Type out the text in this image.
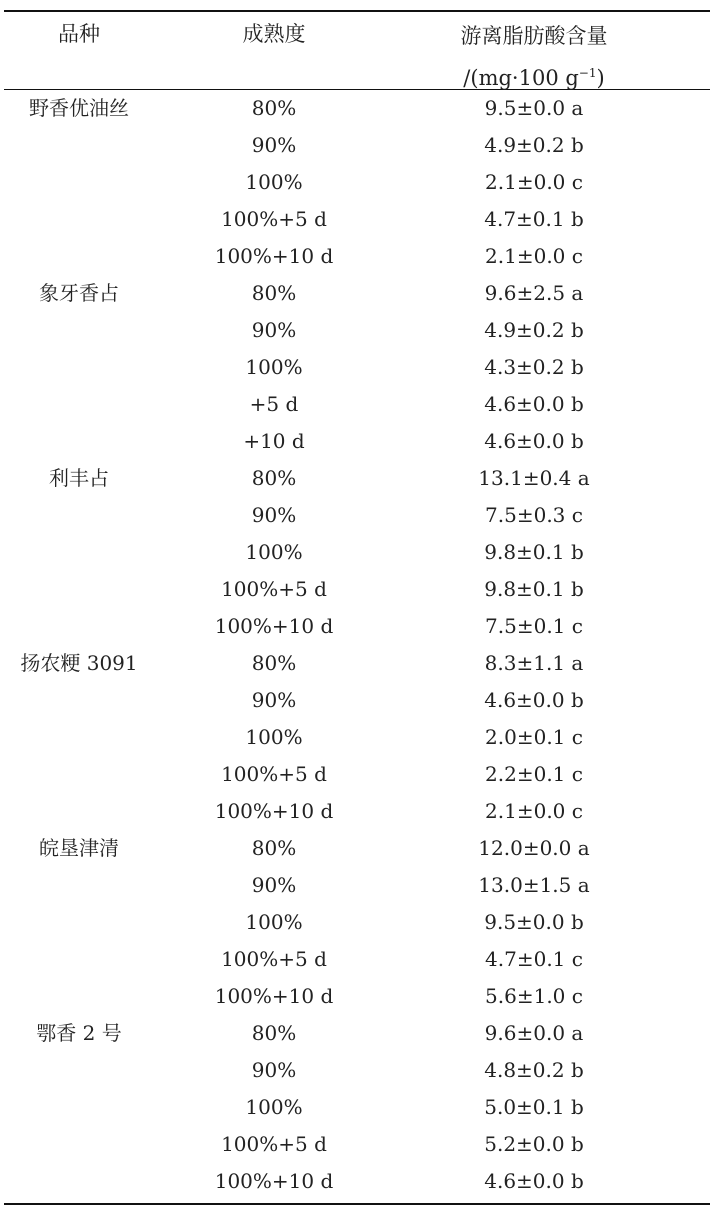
品种	成熟度	游离脂肪酸含量
/(mg·100 $g^{-1}$)
野香优油丝	80%	9.5±0.0 a
90%	4.9±0.2 b
100%	2.1±0.0 c
100%+5 d	4.7±0.1 b
100%+10 d	2.1±0.0 c
象牙香占	80%	9.6±2.5 a
90%	4.9±0.2 b
100%	4.3±0.2 b
+5 d	4.6±0.0 b
+10 d	4.6±0.0 b
利丰占	80%	13.1±0.4 a
90%	7.5±0.3 c
100%	9.8±0.1 b
100%+5 d	9.8±0.1 b
100%+10 d	7.5±0.1 c
扬农粳 3091	80%	8.3±1.1 a
90%	4.6±0.0 b
100%	2.0±0.1 c
100%+5 d	2.2±0.1 c
100%+10 d	2.1±0.0 c
皖垦津清	80%	12.0±0.0 a
90%	13.0±1.5 a
100%	9.5±0.0 b
100%+5 d	4.7±0.1 c
100%+10 d	5.6±1.0 c
鄂香 2 号	80%	9.6±0.0 a
90%	4.8±0.2 b
100%	5.0±0.1 b
100%+5 d	5.2±0.0 b
100%+10 d	4.6±0.0 b
